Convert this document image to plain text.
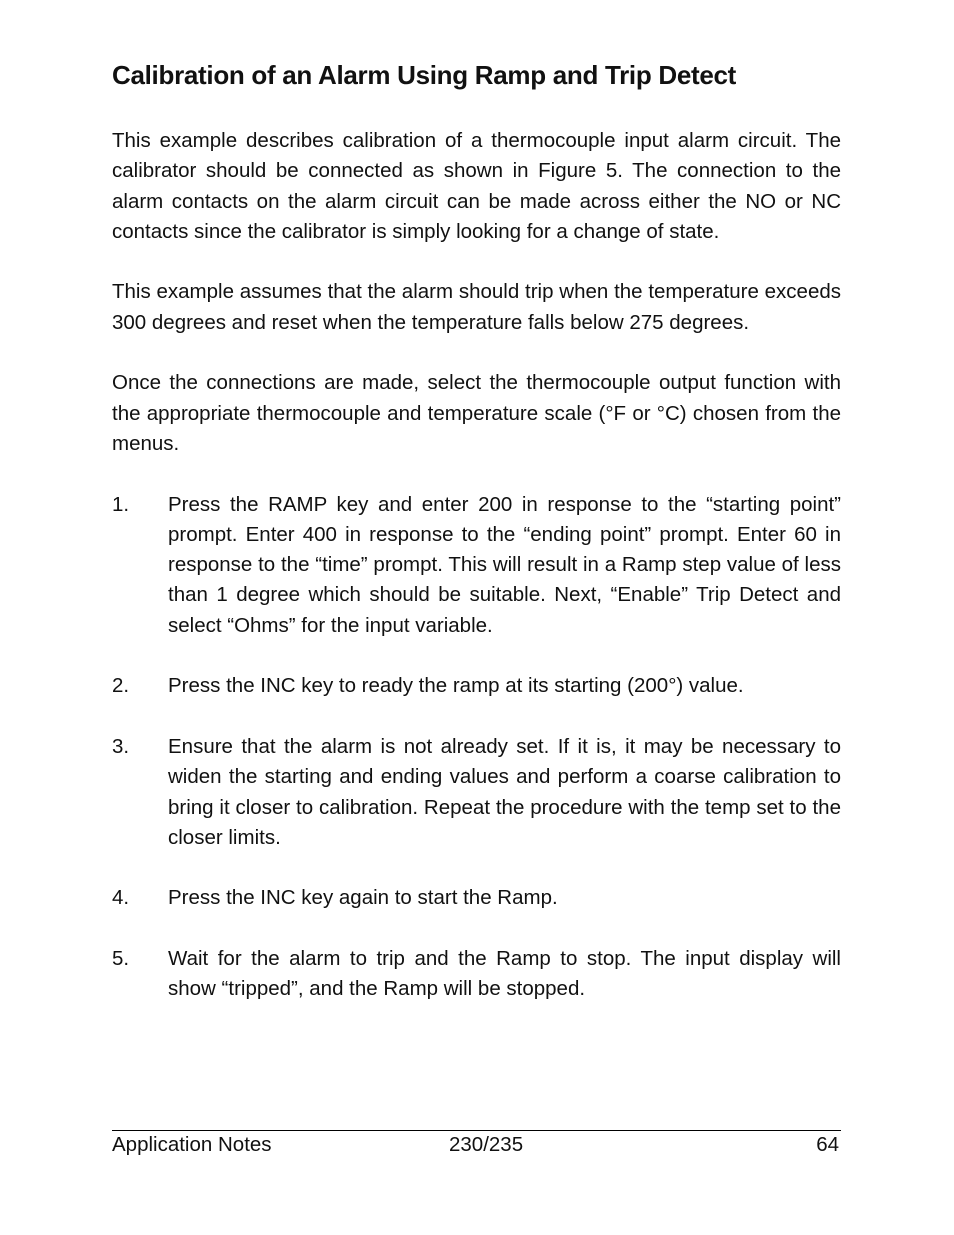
Calibration of an Alarm Using Ramp and Trip Detect

This example describes calibration of a thermocouple input alarm circuit. The calibrator should be connected as shown in Figure 5. The connection to the alarm contacts on the alarm circuit can be made across either the NO or NC contacts since the calibrator is simply looking for a change of state.

This example assumes that the alarm should trip when the temperature exceeds 300 degrees and reset when the temperature falls below 275 degrees.

Once the connections are made, select the thermocouple output function with the appropriate thermocouple and temperature scale (°F or °C) chosen from the menus.

1.	Press the RAMP key and enter 200 in response to the “starting point” prompt. Enter 400 in response to the “ending point” prompt. Enter 60 in response to the “time” prompt. This will result in a Ramp step value of less than 1 degree which should be suitable. Next, “Enable” Trip Detect and select “Ohms” for the input variable.
2.	Press the INC key to ready the ramp at its starting (200°) value.
3.	Ensure that the alarm is not already set. If it is, it may be necessary to widen the starting and ending values and perform a coarse calibration to bring it closer to calibration. Repeat the procedure with the temp set to the closer limits.
4.	Press the INC key again to start the Ramp.
5.	Wait for the alarm to trip and the Ramp to stop. The input display will show “tripped”, and the Ramp will be stopped.
Application Notes	230/235	64
